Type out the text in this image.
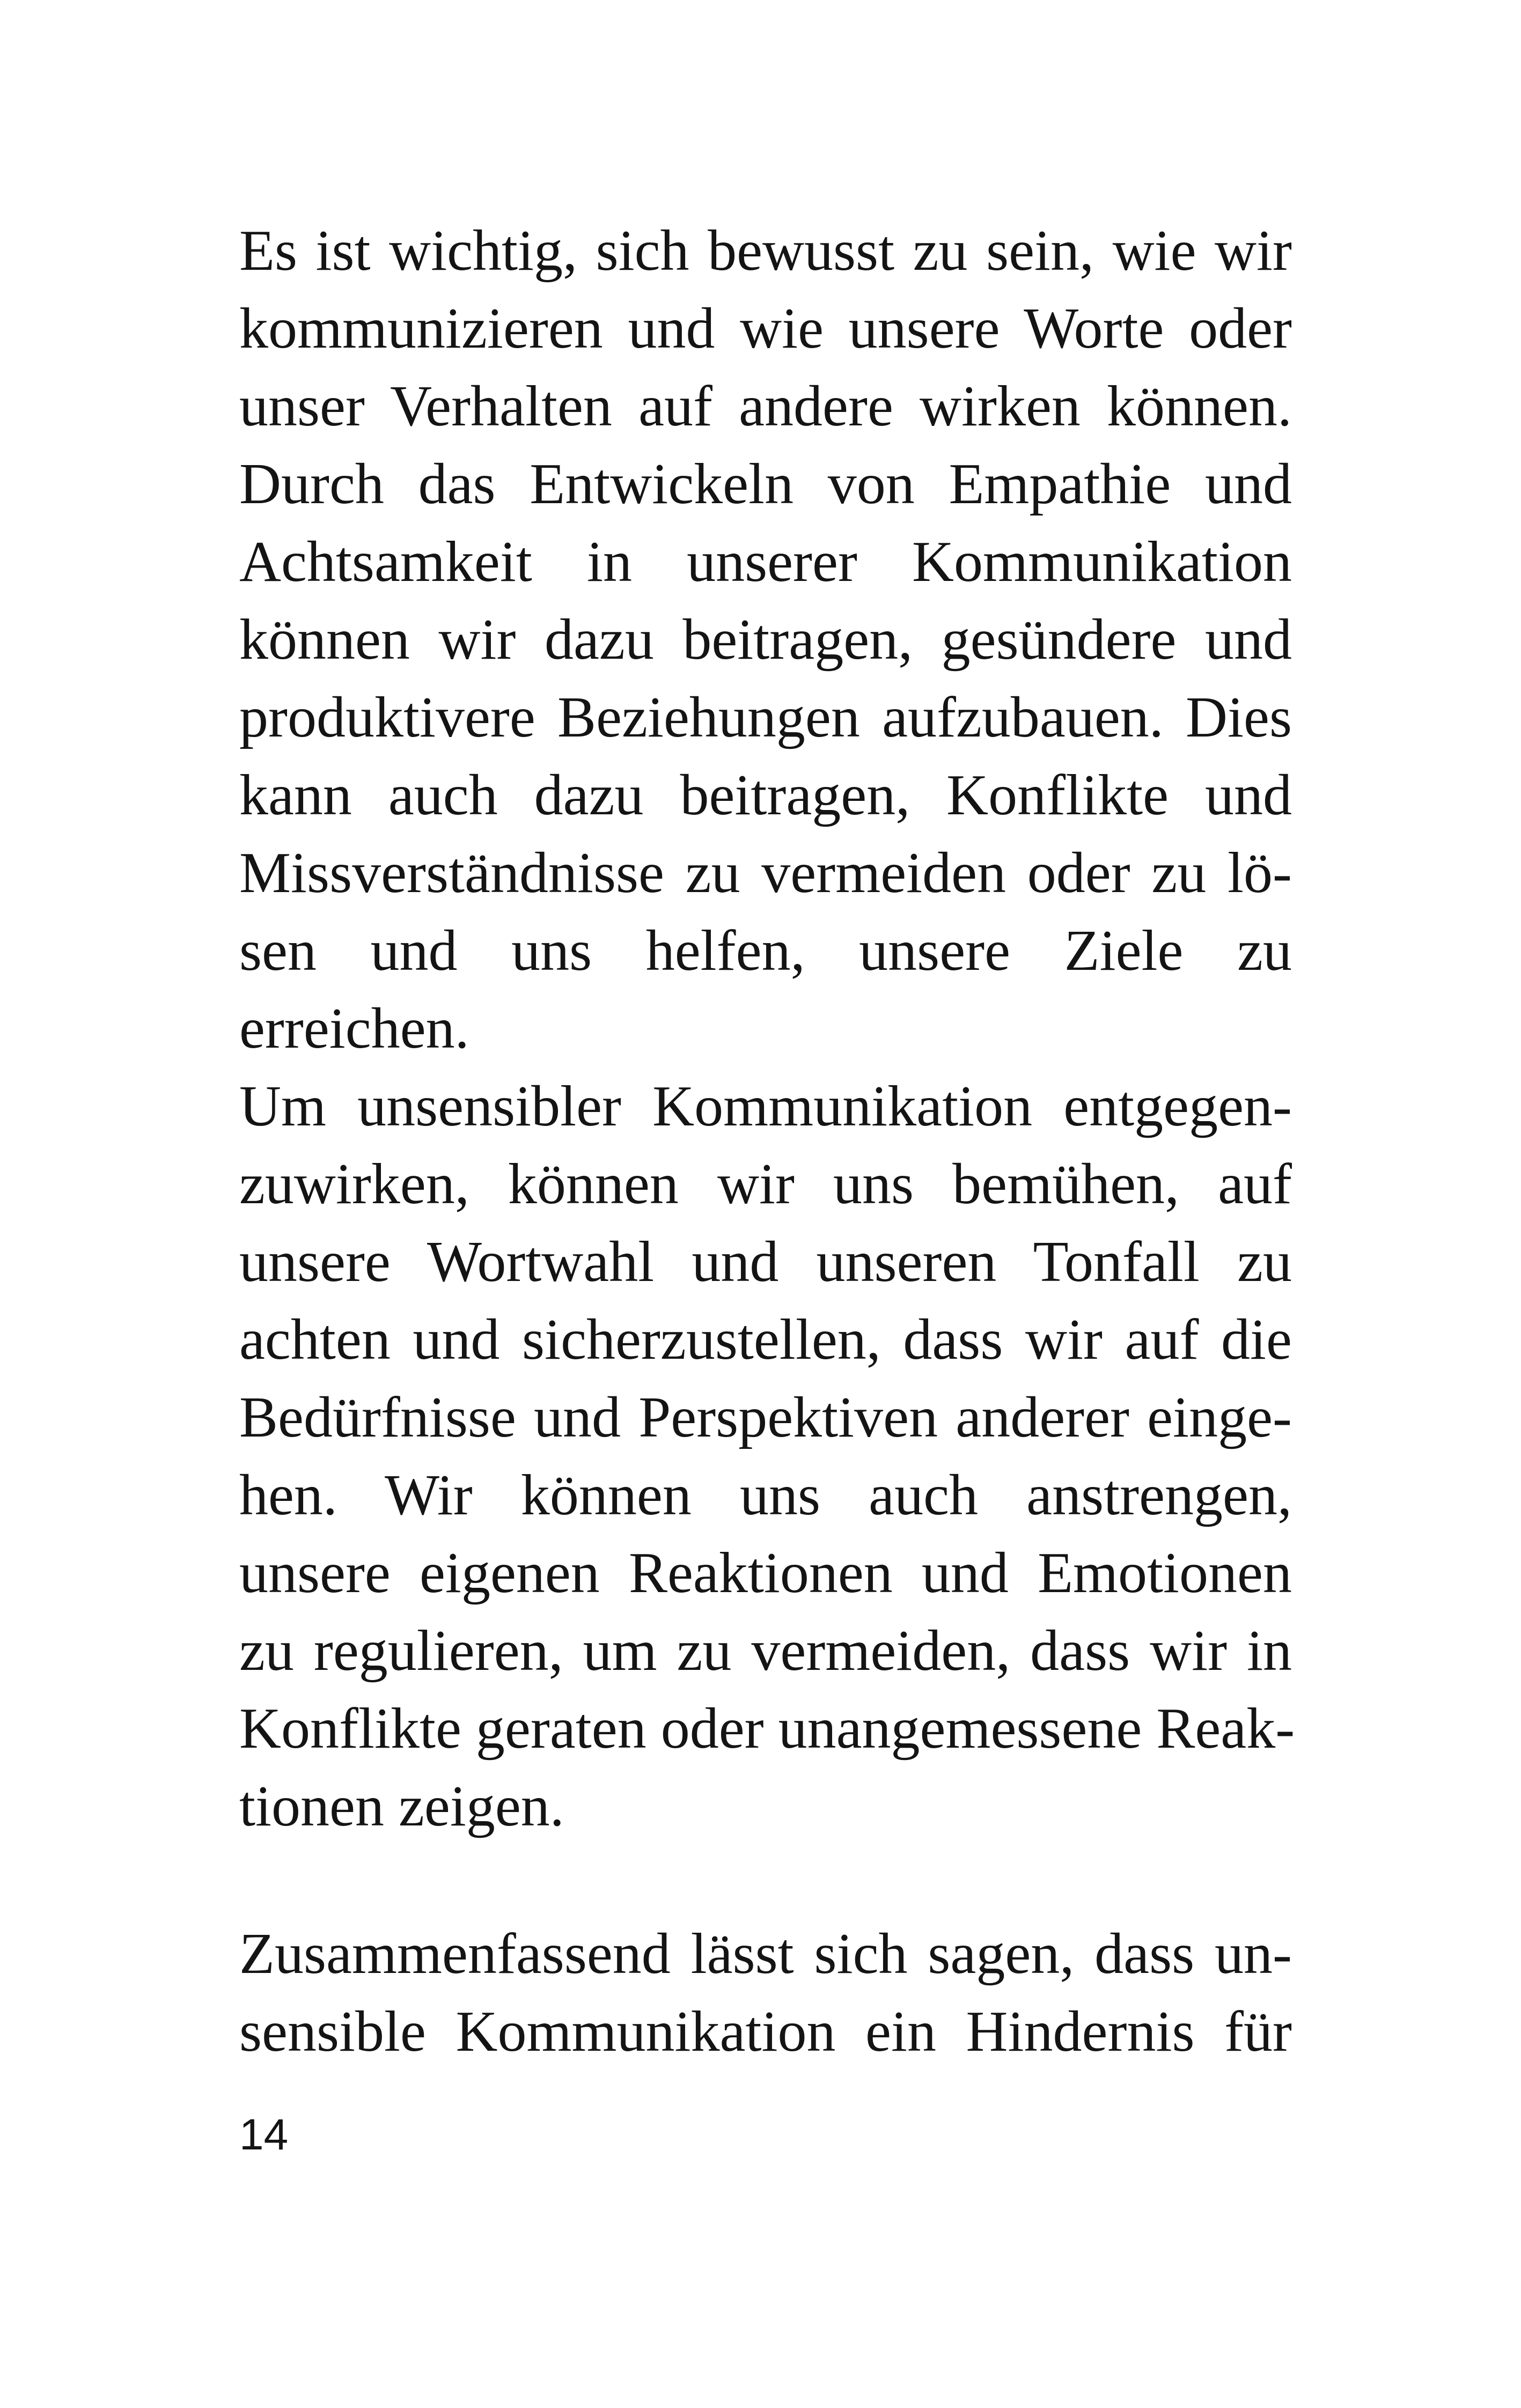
Es ist wichtig, sich bewusst zu sein, wie wir
kommunizieren und wie unsere Worte oder
unser Verhalten auf andere wirken können.
Durch das Entwickeln von Empathie und
Achtsamkeit in unserer Kommunikation
können wir dazu beitragen, gesündere und
produktivere Beziehungen aufzubauen. Dies
kann auch dazu beitragen, Konflikte und
Missverständnisse zu vermeiden oder zu lö-
sen und uns helfen, unsere Ziele zu
erreichen.
Um unsensibler Kommunikation entgegen-
zuwirken, können wir uns bemühen, auf
unsere Wortwahl und unseren Tonfall zu
achten und sicherzustellen, dass wir auf die
Bedürfnisse und Perspektiven anderer einge-
hen. Wir können uns auch anstrengen,
unsere eigenen Reaktionen und Emotionen
zu regulieren, um zu vermeiden, dass wir in
Konflikte geraten oder unangemessene Reak-
tionen zeigen.
Zusammenfassend lässt sich sagen, dass un-
sensible Kommunikation ein Hindernis für
14
